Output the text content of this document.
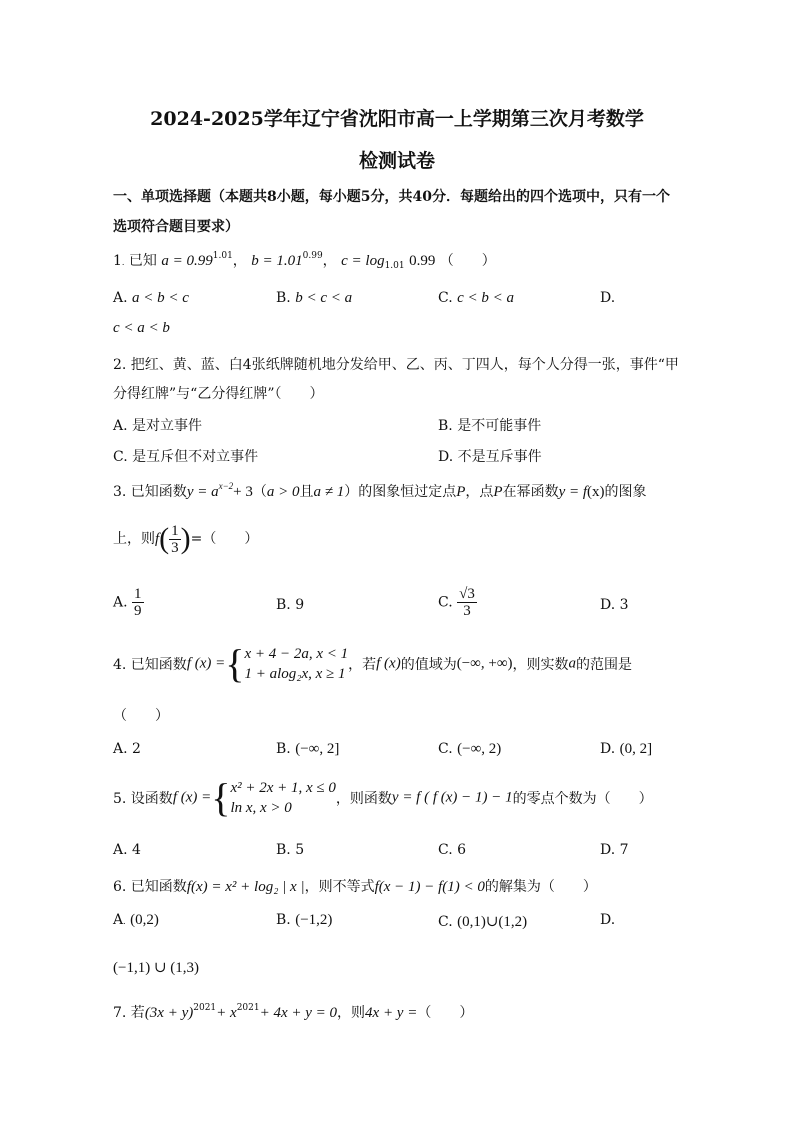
2024-2025学年辽宁省沈阳市高一上学期第三次月考数学
检测试卷
一、单项选择题（本题共8小题，每小题5分，共40分．每题给出的四个选项中，只有一个
选项符合题目要求）
1. 已知 $a = 0.99^{1.01}$， $b = 1.01^{0.99}$， $c = \log_{1.01} 0.99$ （　　）
A. a < b < c	B. b < c < a	C. c < b < a	D.
c < a < b
2. 把红、黄、蓝、白4张纸牌随机地分发给甲、乙、丙、丁四人，每个人分得一张，事件“甲
分得红牌”与“乙分得红牌”（　　）
A. 是对立事件	B. 是不可能事件
C. 是互斥但不对立事件	D. 不是互斥事件
3. 已知函数$y = a^{x-2}+ 3(a > 0$且a ≠ 1）的图象恒过定点P，点P在幂函数y = f(x)的图象
上，则$f( \frac{1}{3}$ )=（　　）
A. $\frac{1}{9}$	B. 9	C. $\frac{√3}{3}$	D. 3
4. 已知函数f (x) ={ x + 4 − 2a, x < 1
1 + alog₂x, x ≥ 1
，若f (x)的值域为(−∞, +∞)，则实数a的范围是
（　　）
A. 2	B. (−∞, 2]	C. (−∞, 2)	D. (0, 2]
5. 设函数f (x) ={ x² + 2x + 1, x ≤ 0
ln x, x > 0
，则函数y = f ( f (x) − 1) − 1的零点个数为（　　）
A. 4	B. 5	C. 6	D. 7
6. 已知函数f(x) = x² + log₂ | x |，则不等式f(x − 1) − f(1) < 0的解集为（　　）
A. (0,2)	B. (−1,2)	C. (0,1)∪(1,2)	D.
(−1,1) ∪ (1,3)
7. 若$(3x + y)^{2021}+ x^{2021}+ 4x + y = 0$，则4x + y =（　　）
